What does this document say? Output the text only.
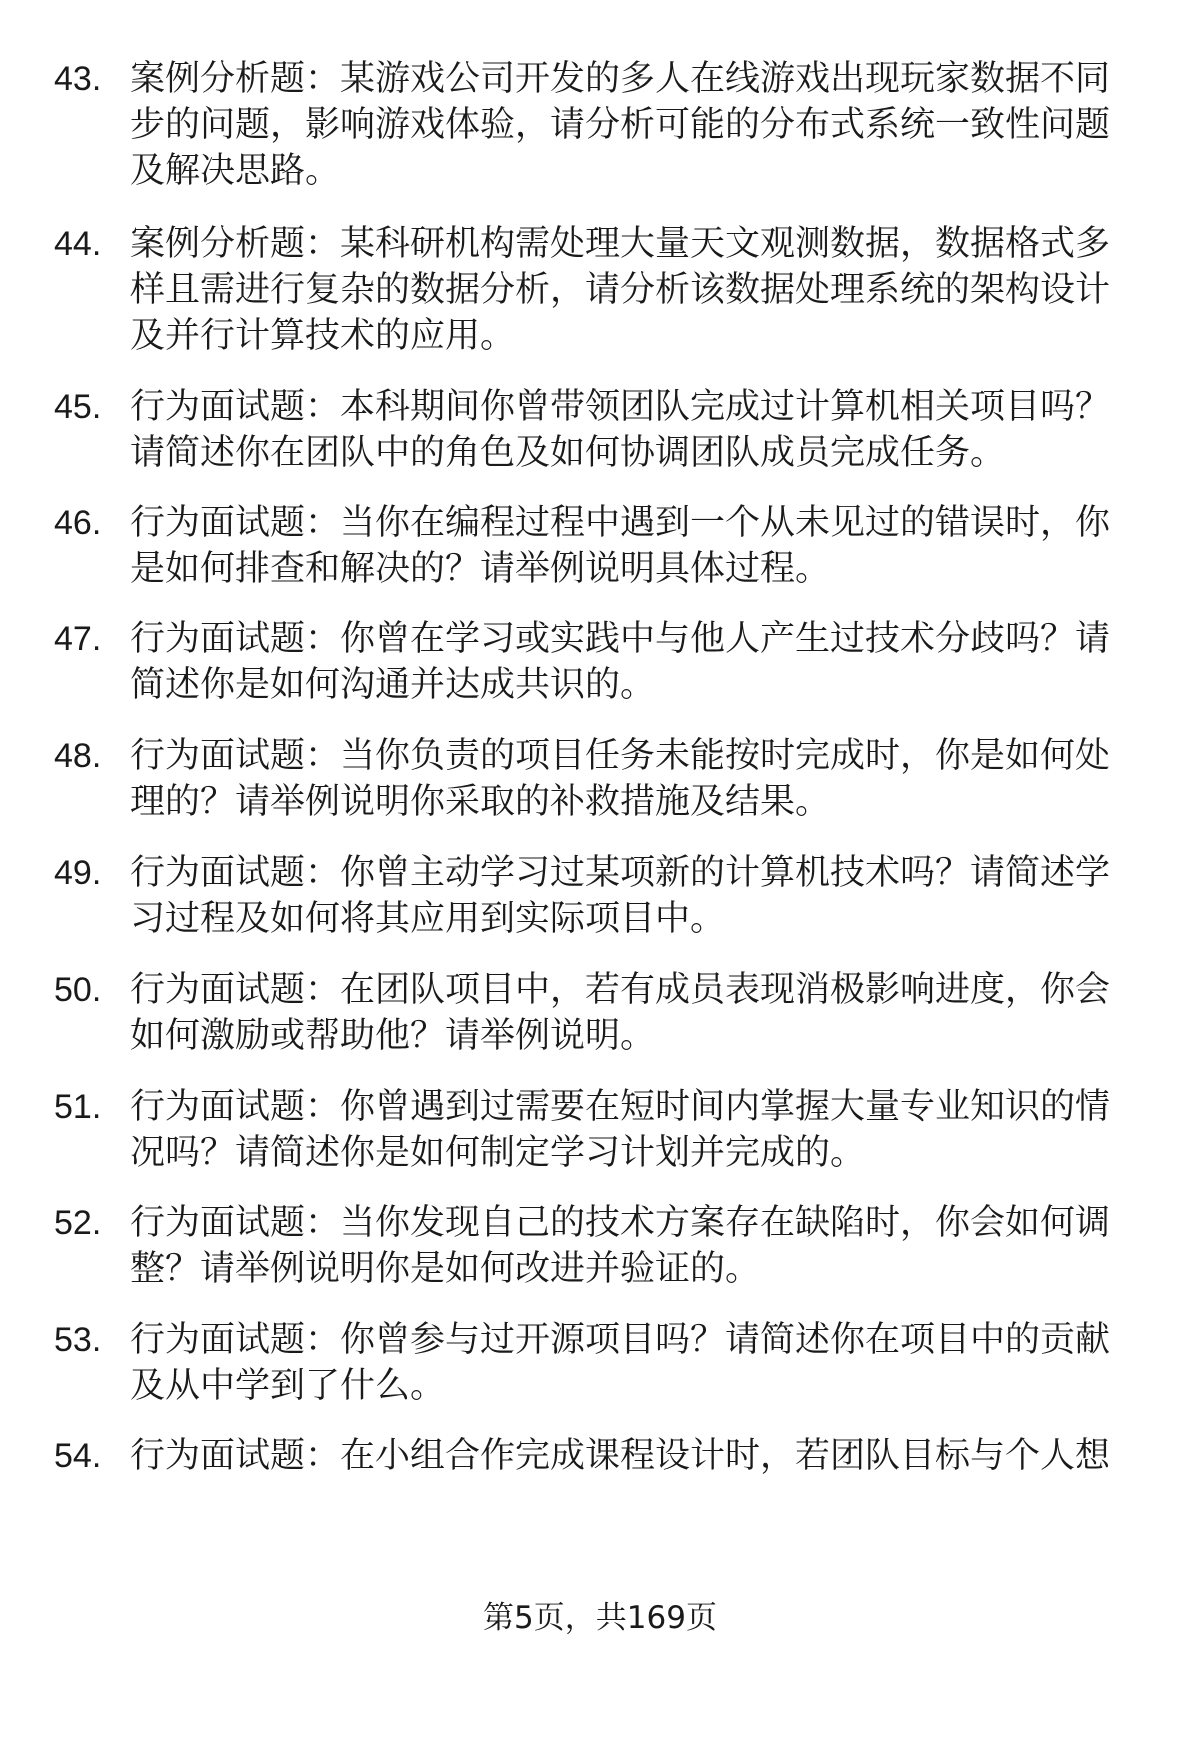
43. 案例分析题：某游戏公司开发的多人在线游戏出现玩家数据不同步的问题，影响游戏体验，请分析可能的分布式系统一致性问题及解决思路。
44. 案例分析题：某科研机构需处理大量天文观测数据，数据格式多样且需进行复杂的数据分析，请分析该数据处理系统的架构设计及并行计算技术的应用。
45. 行为面试题：本科期间你曾带领团队完成过计算机相关项目吗？请简述你在团队中的角色及如何协调团队成员完成任务。
46. 行为面试题：当你在编程过程中遇到一个从未见过的错误时，你是如何排查和解决的？请举例说明具体过程。
47. 行为面试题：你曾在学习或实践中与他人产生过技术分歧吗？请简述你是如何沟通并达成共识的。
48. 行为面试题：当你负责的项目任务未能按时完成时，你是如何处理的？请举例说明你采取的补救措施及结果。
49. 行为面试题：你曾主动学习过某项新的计算机技术吗？请简述学习过程及如何将其应用到实际项目中。
50. 行为面试题：在团队项目中，若有成员表现消极影响进度，你会如何激励或帮助他？请举例说明。
51. 行为面试题：你曾遇到过需要在短时间内掌握大量专业知识的情况吗？请简述你是如何制定学习计划并完成的。
52. 行为面试题：当你发现自己的技术方案存在缺陷时，你会如何调整？请举例说明你是如何改进并验证的。
53. 行为面试题：你曾参与过开源项目吗？请简述你在项目中的贡献及从中学到了什么。
54. 行为面试题：在小组合作完成课程设计时，若团队目标与个人想
第5页，共169页
